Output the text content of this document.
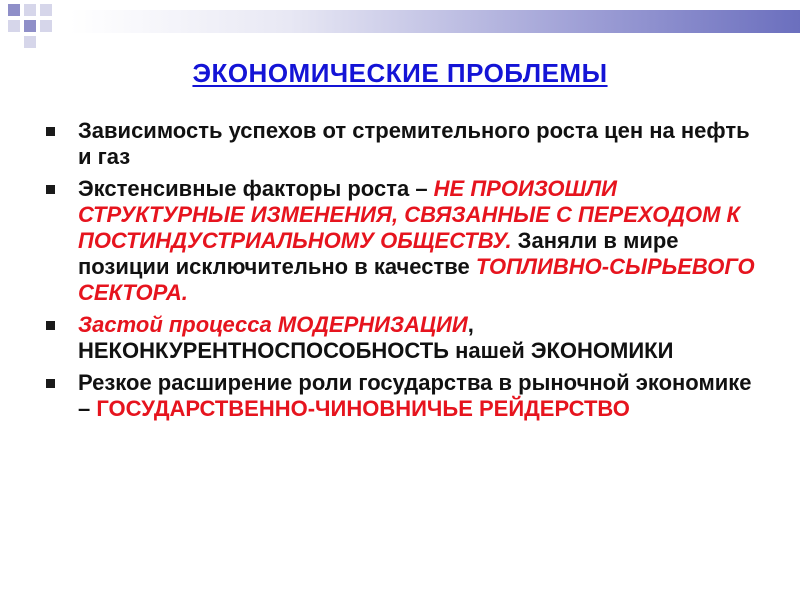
ЭКОНОМИЧЕСКИЕ ПРОБЛЕМЫ
Зависимость успехов от стремительного роста цен на нефть и газ
Экстенсивные факторы роста – НЕ ПРОИЗОШЛИ СТРУКТУРНЫЕ ИЗМЕНЕНИЯ, СВЯЗАННЫЕ С ПЕРЕХОДОМ К ПОСТИНДУСТРИАЛЬНОМУ ОБЩЕСТВУ. Заняли в мире позиции исключительно в качестве ТОПЛИВНО-СЫРЬЕВОГО СЕКТОРА.
Застой процесса МОДЕРНИЗАЦИИ, НЕКОНКУРЕНТНОСПОСОБНОСТЬ нашей ЭКОНОМИКИ
Резкое расширение роли государства в рыночной экономике – ГОСУДАРСТВЕННО-ЧИНОВНИЧЬЕ РЕЙДЕРСТВО
